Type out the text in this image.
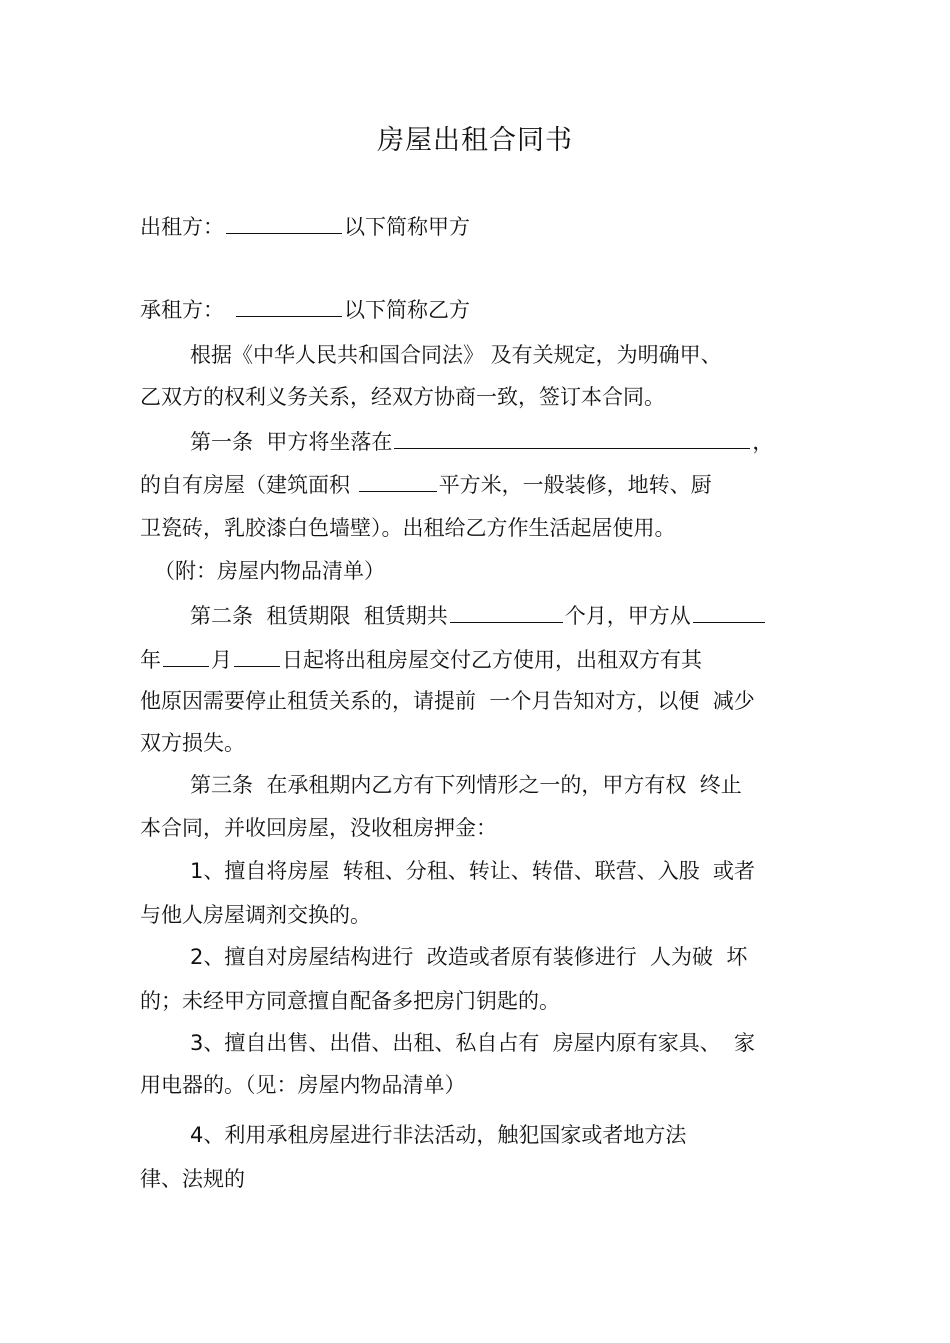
房屋出租合同书
出租方：	以下简称甲方
承租方：	以下简称乙方
根据《中华人民共和国合同法》 及有关规定，为明确甲、
乙双方的权利义务关系，经双方协商一致，签订本合同。
第一条  甲方将坐落在	，
的自有房屋（建筑面积	平方米，一般装修，地转、厨
卫瓷砖，乳胶漆白色墙壁）。出租给乙方作生活起居使用。
（附：房屋内物品清单）
第二条  租赁期限  租赁期共	个月，甲方从
年 月 日起将出租房屋交付乙方使用，出租双方有其
他原因需要停止租赁关系的，请提前  一个月告知对方，以便  减少
双方损失。
第三条  在承租期内乙方有下列情形之一的，甲方有权  终止
本合同，并收回房屋，没收租房押金：
1、擅自将房屋  转租、分租、转让、转借、联营、入股  或者
与他人房屋调剂交换的。
2、擅自对房屋结构进行  改造或者原有装修进行  人为破  坏
的；未经甲方同意擅自配备多把房门钥匙的。
3、擅自出售、出借、出租、私自占有  房屋内原有家具、  家
用电器的。（见：房屋内物品清单）
4、利用承租房屋进行非法活动，触犯国家或者地方法
律、法规的
